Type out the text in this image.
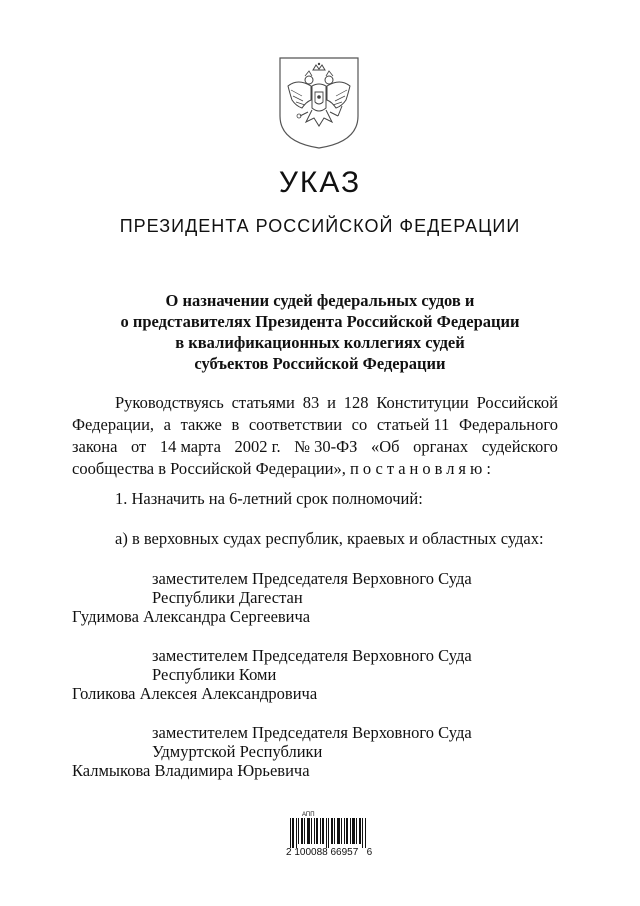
УКАЗ
ПРЕЗИДЕНТА РОССИЙСКОЙ ФЕДЕРАЦИИ
О назначении судей федеральных судов и
о представителях Президента Российской Федерации
в квалификационных коллегиях судей
субъектов Российской Федерации
Руководствуясь статьями 83 и 128 Конституции Российской
Федерации, а также в соответствии со статьей 11 Федерального
закона от 14 марта 2002 г. № 30-ФЗ «Об органах судейского
сообщества в Российской Федерации», постановляю:
1. Назначить на 6-летний срок полномочий:
а) в верховных судах республик, краевых и областных судах:
заместителем Председателя Верховного Суда
Республики Дагестан
Гудимова Александра Сергеевича
заместителем Председателя Верховного Суда
Республики Коми
Голикова Алексея Александровича
заместителем Председателя Верховного Суда
Удмуртской Республики
Калмыкова Владимира Юрьевича
АПП
2 100088 66957   6
